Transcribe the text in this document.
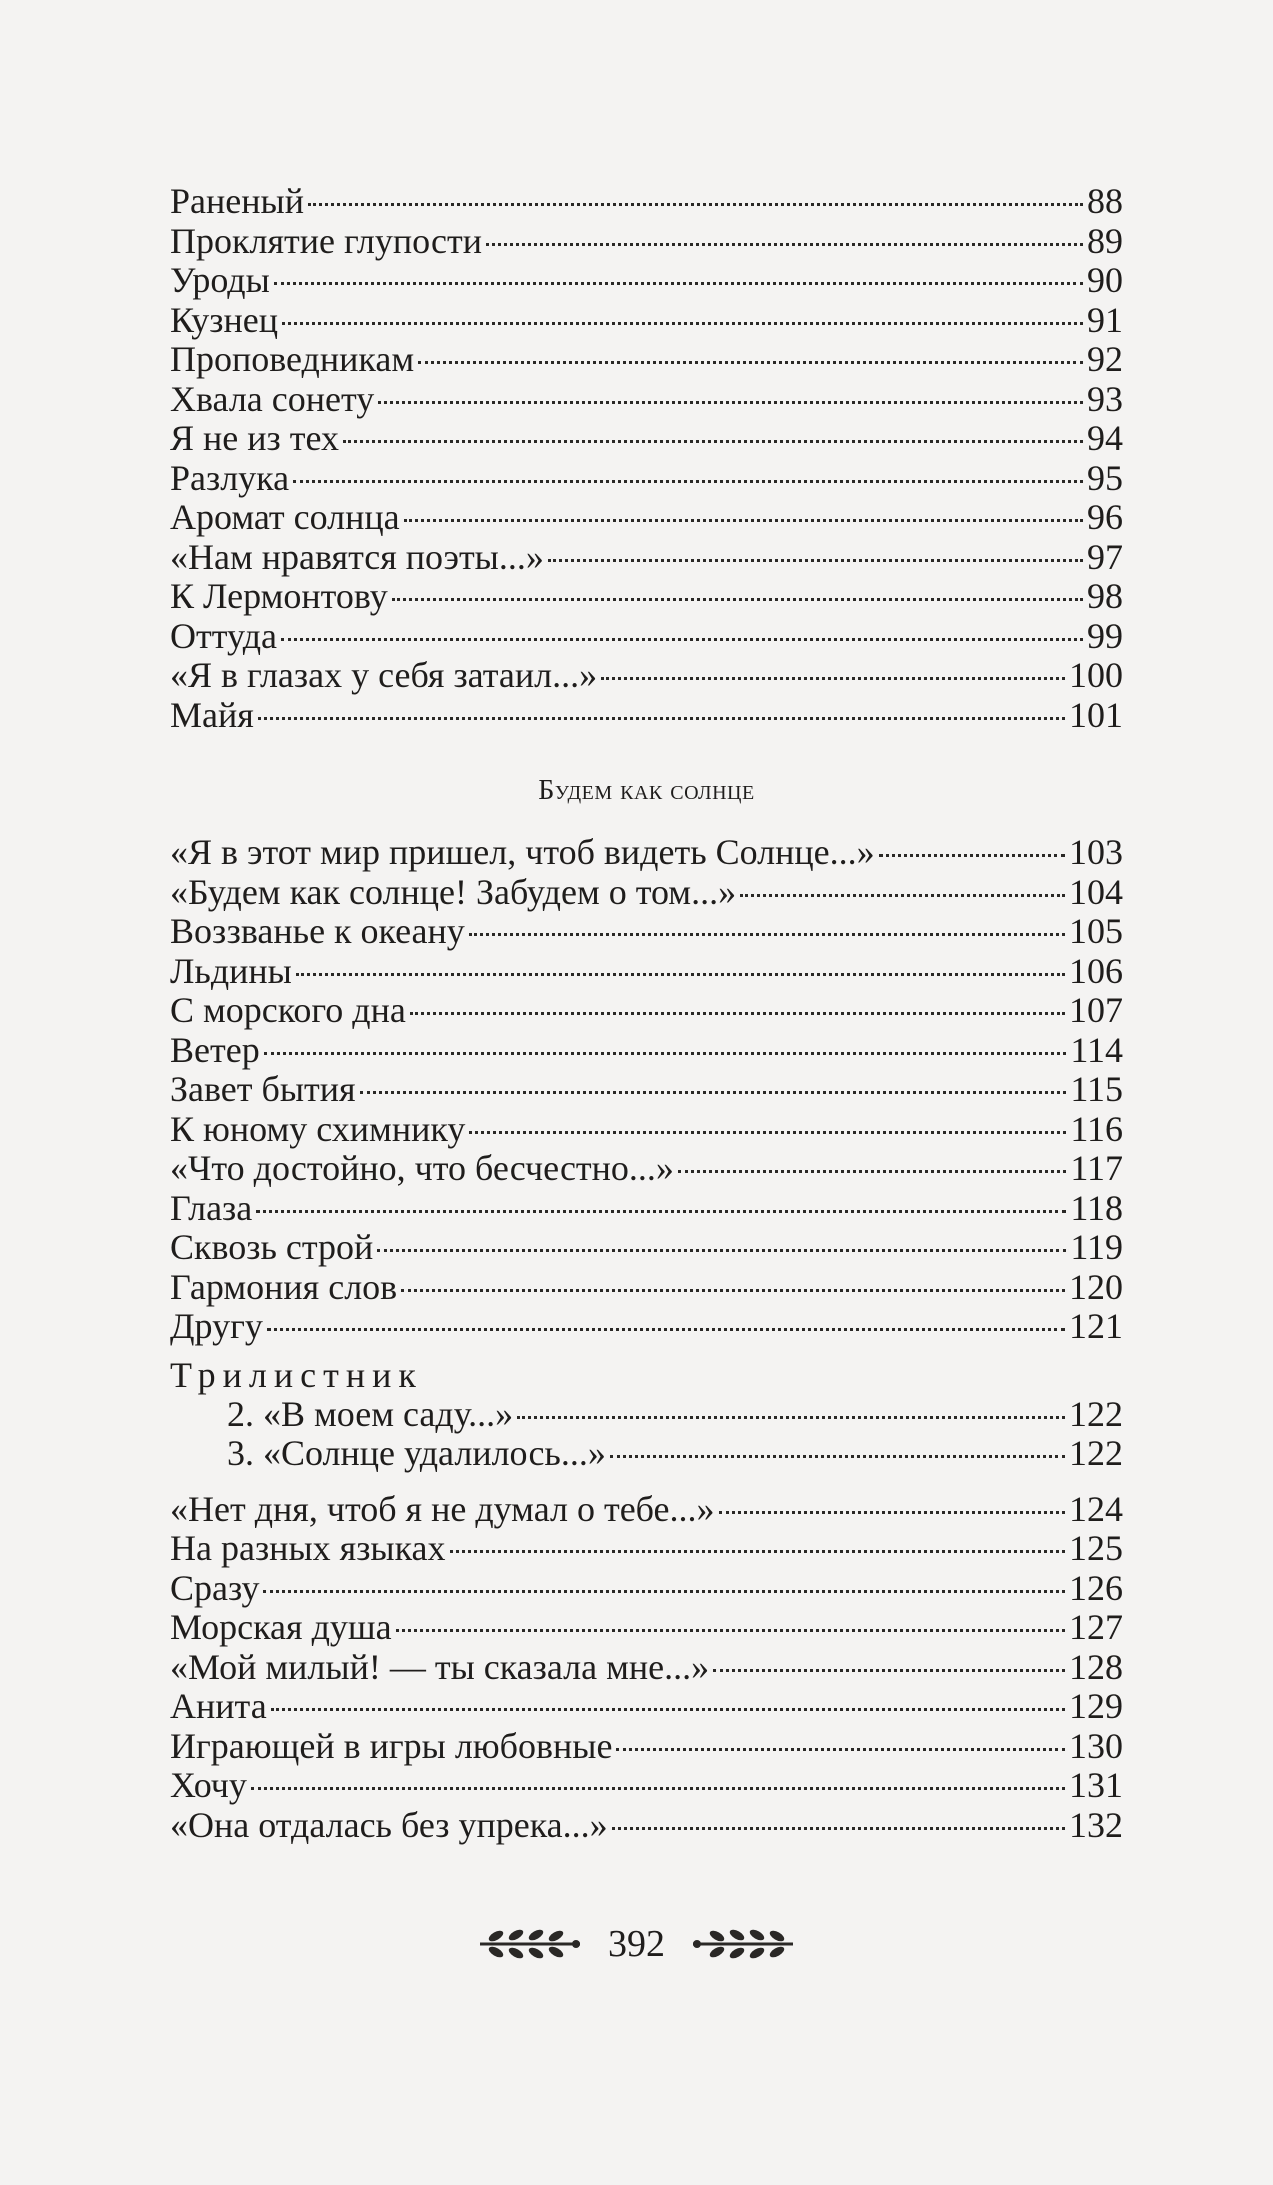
Раненый	88
Проклятие глупости	89
Уроды	90
Кузнец	91
Проповедникам	92
Хвала сонету	93
Я не из тех	94
Разлука	95
Аромат солнца	96
«Нам нравятся поэты...»	97
К Лермонтову	98
Оттуда	99
«Я в глазах у себя затаил...»	100
Майя	101
Будем как солнце
«Я в этот мир пришел, чтоб видеть Солнце...»	103
«Будем как солнце! Забудем о том...»	104
Воззванье к океану	105
Льдины	106
С морского дна	107
Ветер	114
Завет бытия	115
К юному схимнику	116
«Что достойно, что бесчестно...»	117
Глаза	118
Сквозь строй	119
Гармония слов	120
Другу	121
Трилистник
2. «В моем саду...»	122
3. «Солнце удалилось...»	122
«Нет дня, чтоб я не думал о тебе...»	124
На разных языках	125
Сразу	126
Морская душа	127
«Мой милый! — ты сказала мне...»	128
Анита	129
Играющей в игры любовные	130
Хочу	131
«Она отдалась без упрека...»	132
392
